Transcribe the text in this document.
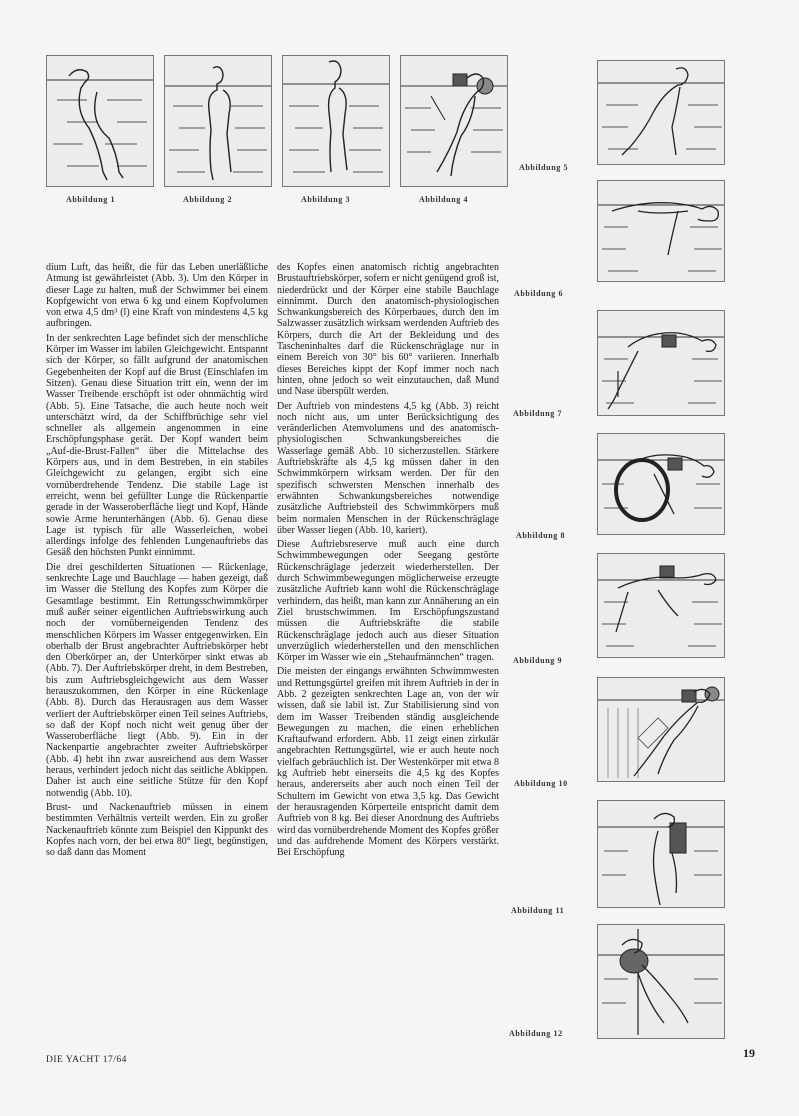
Abbildung 1	Abbildung 2	Abbildung 3	Abbildung 4
Abbildung 5
Abbildung 6
Abbildung 7
Abbildung 8
Abbildung 9
Abbildung 10
Abbildung 11
Abbildung 12

dium Luft, das heißt, die für das Leben unerläßliche Atmung ist gewährleistet (Abb. 3). Um den Körper in dieser Lage zu halten, muß der Schwimmer bei einem Kopfgewicht von etwa 6 kg und einem Kopfvolumen von etwa 4,5 dm³ (l) eine Kraft von mindestens 4,5 kg aufbringen.

In der senkrechten Lage befindet sich der menschliche Körper im Wasser im labilen Gleichgewicht. Entspannt sich der Körper, so fällt aufgrund der anatomischen Gegebenheiten der Kopf auf die Brust (Einschlafen im Sitzen). Genau diese Situation tritt ein, wenn der im Wasser Treibende erschöpft ist oder ohnmächtig wird (Abb. 5). Eine Tatsache, die auch heute noch weit unterschätzt wird, da der Schiffbrüchige sehr viel schneller als allgemein angenommen in eine Erschöpfungsphase gerät. Der Kopf wandert beim „Auf-die-Brust-Fallen“ über die Mittelachse des Körpers aus, und in dem Bestreben, in ein stabiles Gleichgewicht zu gelangen, ergibt sich eine vornüberdrehende Tendenz. Die stabile Lage ist erreicht, wenn bei gefüllter Lunge die Rückenpartie gerade in der Wasseroberfläche liegt und Kopf, Hände sowie Arme herunterhängen (Abb. 6). Genau diese Lage ist typisch für alle Wasserleichen, wobei allerdings infolge des fehlenden Lungenauftriebs das Gesäß den höchsten Punkt einnimmt.

Die drei geschilderten Situationen — Rückenlage, senkrechte Lage und Bauchlage — haben gezeigt, daß im Wasser die Stellung des Kopfes zum Körper die Gesamtlage bestimmt. Ein Rettungsschwimmkörper muß außer seiner eigentlichen Auftriebswirkung auch noch der vornüberneigenden Tendenz des menschlichen Körpers im Wasser entgegenwirken. Ein oberhalb der Brust angebrachter Auftriebskörper hebt den Oberkörper an, der Unterkörper sinkt etwas ab (Abb. 7). Der Auftriebskörper dreht, in dem Bestreben, bis zum Auftriebsgleichgewicht aus dem Wasser herauszukommen, den Körper in eine Rückenlage (Abb. 8). Durch das Herausragen aus dem Wasser verliert der Auftriebskörper einen Teil seines Auftriebs, so daß der Kopf noch nicht weit genug über der Wasseroberfläche liegt (Abb. 9). Ein in der Nackenpartie angebrachter zweiter Auftriebskörper (Abb. 4) hebt ihn zwar ausreichend aus dem Wasser heraus, verhindert jedoch nicht das seitliche Abkippen. Daher ist auch eine seitliche Stütze für den Kopf notwendig (Abb. 10).

Brust- und Nackenauftrieb müssen in einem bestimmten Verhältnis verteilt werden. Ein zu großer Nackenauftrieb könnte zum Beispiel den Kippunkt des Kopfes nach vorn, der bei etwa 80° liegt, begünstigen, so daß dann das Moment

des Kopfes einen anatomisch richtig angebrachten Brustauftriebskörper, sofern er nicht genügend groß ist, niederdrückt und der Körper eine stabile Bauchlage einnimmt. Durch den anatomisch-physiologischen Schwankungsbereich des Körperbaues, durch den im Salzwasser zusätzlich wirksam werdenden Auftrieb des Körpers, durch die Art der Bekleidung und des Tascheninhaltes darf die Rückenschräglage nur in einem Bereich von 30° bis 60° variieren. Innerhalb dieses Bereiches kippt der Kopf immer noch nach hinten, ohne jedoch so weit einzutauchen, daß Mund und Nase überspült werden.

Der Auftrieb von mindestens 4,5 kg (Abb. 3) reicht noch nicht aus, um unter Berücksichtigung des veränderlichen Atemvolumens und des anatomisch-physiologischen Schwankungsbereiches die Wasserlage gemäß Abb. 10 sicherzustellen. Stärkere Auftriebskräfte als 4,5 kg müssen daher in den Schwimmkörpern wirksam werden. Der für den spezifisch schwersten Menschen innerhalb des erwähnten Schwankungsbereiches notwendige zusätzliche Auftriebsteil des Schwimmkörpers muß beim normalen Menschen in der Rückenschräglage über Wasser liegen (Abb. 10, kariert).

Diese Auftriebsreserve muß auch eine durch Schwimmbewegungen oder Seegang gestörte Rückenschräglage jederzeit wiederherstellen. Der durch Schwimmbewegungen möglicherweise erzeugte zusätzliche Auftrieb kann wohl die Rückenschräglage verhindern, das heißt, man kann zur Annäherung an ein Ziel brustschwimmen. Im Erschöpfungszustand müssen die Auftriebskräfte die stabile Rückenschräglage jedoch auch aus dieser Situation unverzüglich wiederherstellen und den menschlichen Körper im Wasser wie ein „Stehaufmännchen“ tragen.

Die meisten der eingangs erwähnten Schwimmwesten und Rettungsgürtel greifen mit ihrem Auftrieb in der in Abb. 2 gezeigten senkrechten Lage an, von der wir wissen, daß sie labil ist. Zur Stabilisierung sind von dem im Wasser Treibenden ständig ausgleichende Bewegungen zu machen, die einen erheblichen Kraftaufwand erfordern. Abb. 11 zeigt einen zirkulär angebrachten Rettungsgürtel, wie er auch heute noch vielfach gebräuchlich ist. Der Westenkörper mit etwa 8 kg Auftrieb hebt einerseits die 4,5 kg des Kopfes heraus, andererseits aber auch noch einen Teil der Schultern im Gewicht von etwa 3,5 kg. Das Gewicht der herausragenden Körperteile entspricht damit dem Auftrieb von 8 kg. Bei dieser Anordnung des Auftriebs wird das vornüberdrehende Moment des Kopfes größer und das aufdrehende Moment des Körpers verstärkt. Bei Erschöpfung

DIE YACHT 17/64	19
